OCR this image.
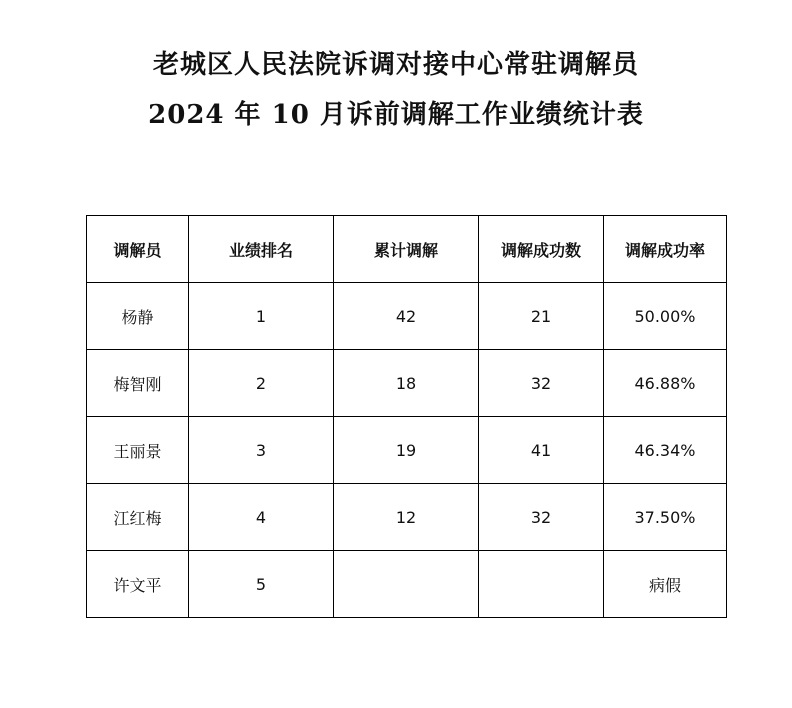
老城区人民法院诉调对接中心常驻调解员
2024 年 10 月诉前调解工作业绩统计表
调解员	业绩排名	累计调解	调解成功数	调解成功率
杨静	1	42	21	50.00%
梅智刚	2	18	32	46.88%
王丽景	3	19	41	46.34%
江红梅	4	12	32	37.50%
许文平	5			病假
